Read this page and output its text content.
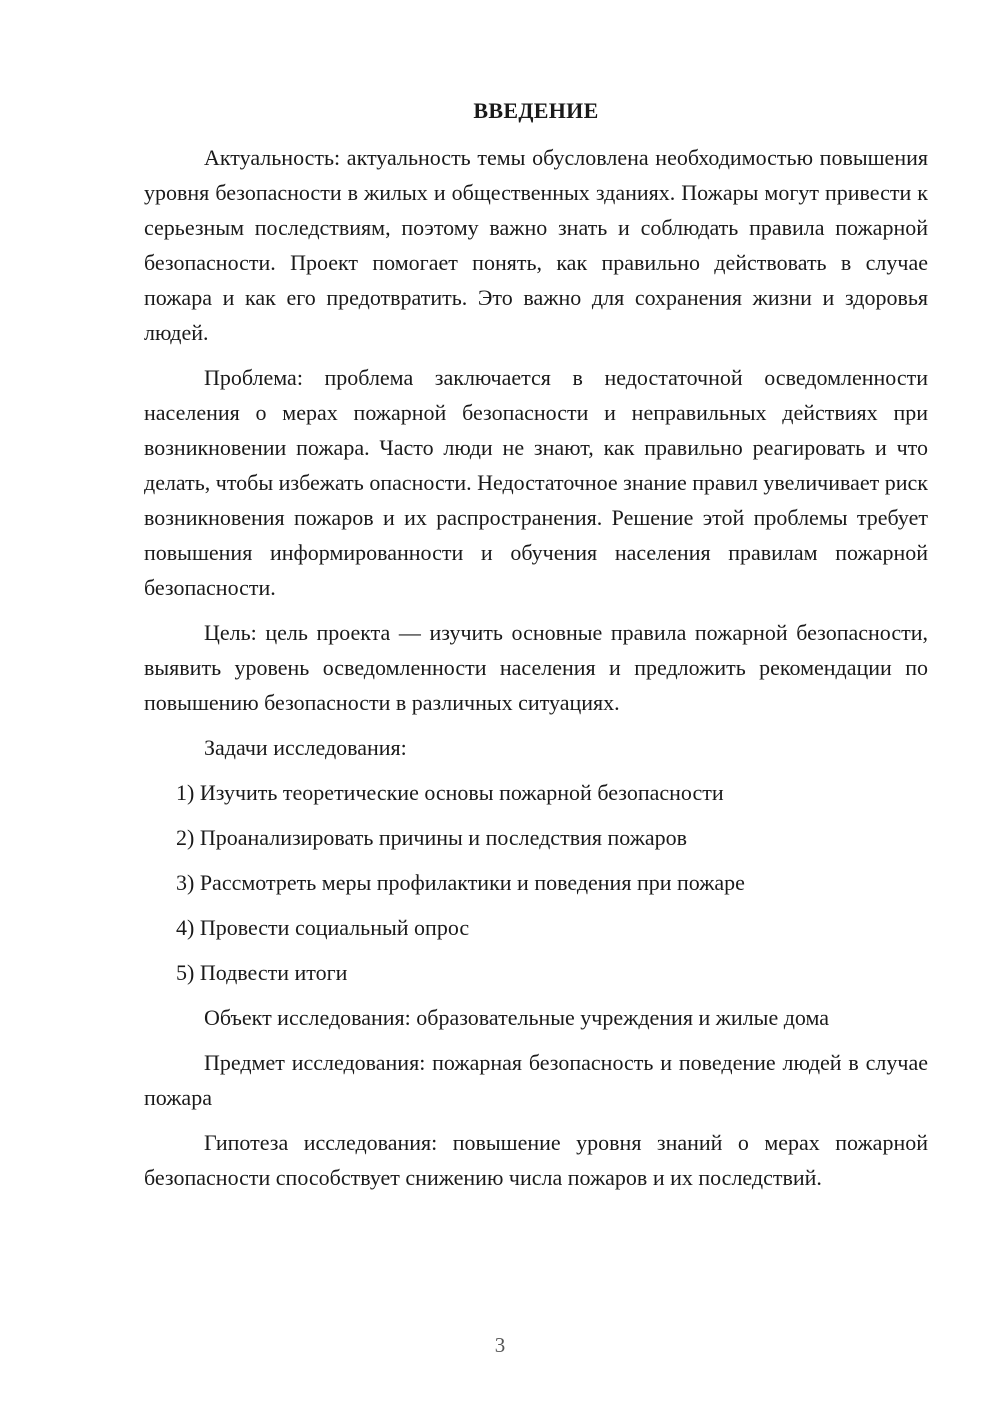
ВВЕДЕНИЕ

Актуальность: актуальность темы обусловлена необходимостью повышения уровня безопасности в жилых и общественных зданиях. Пожары могут привести к серьезным последствиям, поэтому важно знать и соблюдать правила пожарной безопасности. Проект помогает понять, как правильно действовать в случае пожара и как его предотвратить. Это важно для сохранения жизни и здоровья людей.

Проблема: проблема заключается в недостаточной осведомленности населения о мерах пожарной безопасности и неправильных действиях при возникновении пожара. Часто люди не знают, как правильно реагировать и что делать, чтобы избежать опасности. Недостаточное знание правил увеличивает риск возникновения пожаров и их распространения. Решение этой проблемы требует повышения информированности и обучения населения правилам пожарной безопасности.

Цель: цель проекта — изучить основные правила пожарной безопасности, выявить уровень осведомленности населения и предложить рекомендации по повышению безопасности в различных ситуациях.

Задачи исследования:

1) Изучить теоретические основы пожарной безопасности
2) Проанализировать причины и последствия пожаров
3) Рассмотреть меры профилактики и поведения при пожаре
4) Провести социальный опрос
5) Подвести итоги

Объект исследования: образовательные учреждения и жилые дома

Предмет исследования: пожарная безопасность и поведение людей в случае пожара

Гипотеза исследования: повышение уровня знаний о мерах пожарной безопасности способствует снижению числа пожаров и их последствий.

3
